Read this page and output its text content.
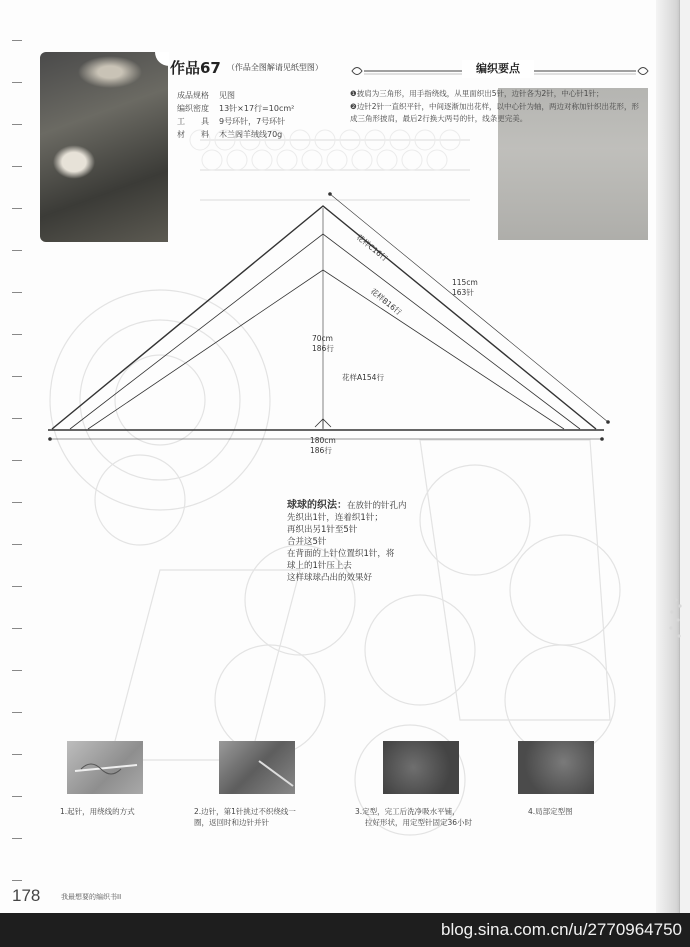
作品67 （作品全图解请见纸型图）
成品规格 见图
编织密度 13针×17行=10cm²
工　　具 9号环针，7号环针
材　　料 木兰阁羊绒线70g
编织要点

❶披肩为三角形，用手指绕线，从里面织出5针，边针各为2针，中心针1针；

❷边针2针一直织平针，中间逐渐加出花样，以中心针为轴，两边对称加针织出花形，形成三角形披肩，最后2行换大两号的针，线条更完美。

花样C16行
花样B16行
花样A154行
115cm
163针
70cm
186行
180cm
186行
球球的织法：在放针的针孔内
先织出1针，连着织1针；
再织出另1针至5针
合并这5针
在背面的上针位置织1针，将
球上的1针压上去
这样球球凸出的效果好
1.起针，用绕线的方式	2.边针，第1针挑过不织绕线一
圈，返回时和边针并针
3.定型，完工后洗净吸水平铺，
拉好形状，用定型针固定36小时
4.局部定型图
178	我最想要的编织书II
blog.sina.com.cn/u/2770964750
